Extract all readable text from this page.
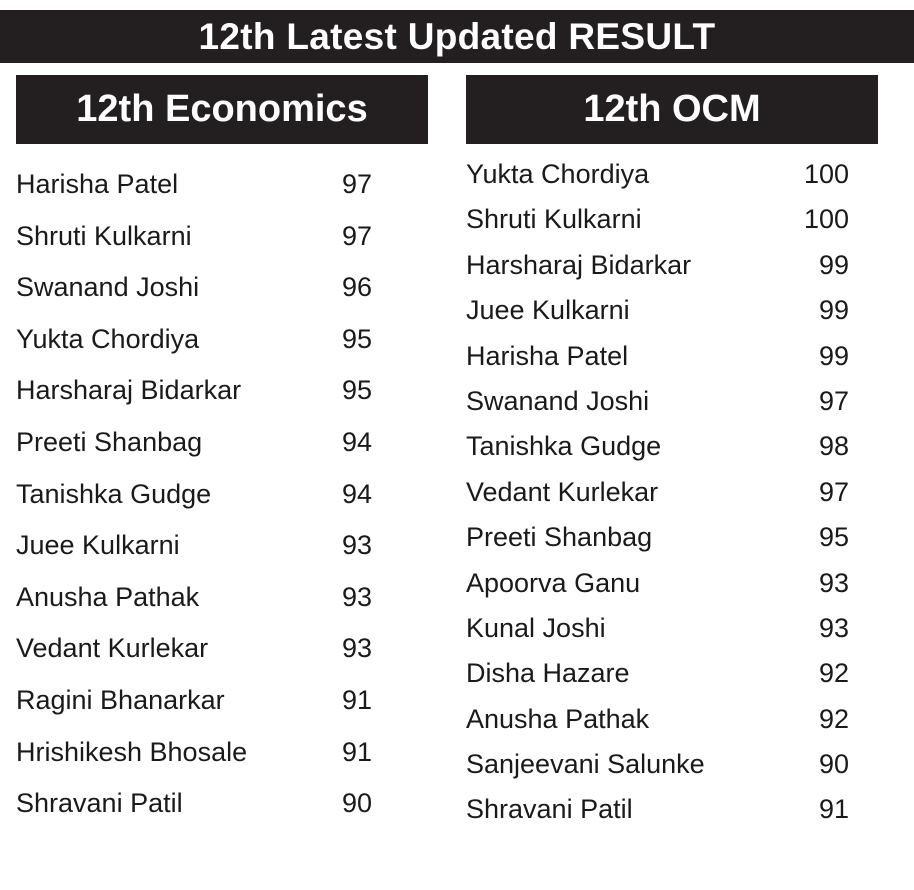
12th Latest Updated RESULT
12th Economics
Harisha Patel	97
Shruti Kulkarni	97
Swanand Joshi	96
Yukta Chordiya	95
Harsharaj Bidarkar	95
Preeti Shanbag	94
Tanishka Gudge	94
Juee Kulkarni	93
Anusha Pathak	93
Vedant Kurlekar	93
Ragini Bhanarkar	91
Hrishikesh Bhosale	91
Shravani Patil	90
12th OCM
Yukta Chordiya	100
Shruti Kulkarni	100
Harsharaj Bidarkar	99
Juee Kulkarni	99
Harisha Patel	99
Swanand Joshi	97
Tanishka Gudge	98
Vedant Kurlekar	97
Preeti Shanbag	95
Apoorva Ganu	93
Kunal Joshi	93
Disha Hazare	92
Anusha Pathak	92
Sanjeevani Salunke	90
Shravani Patil	91
